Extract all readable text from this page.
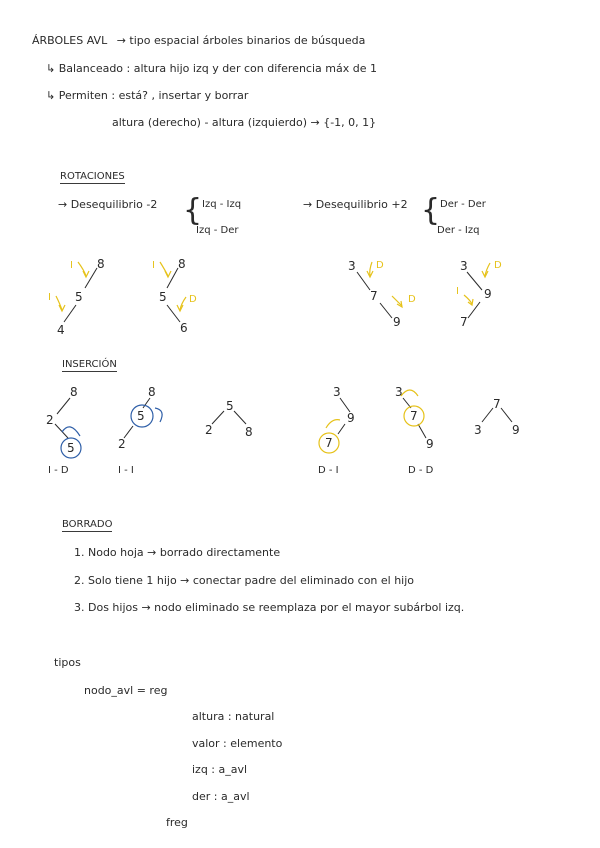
ÁRBOLES AVL → tipo espacial árboles binarios de búsqueda
↳ Balanceado : altura hijo izq y der con diferencia máx de 1
↳ Permiten : está? , insertar y borrar
altura (derecho) - altura (izquierdo) → {-1, 0, 1}
ROTACIONES
→ Desequilibrio -2 { Izq - Izq
Izq - Der
→ Desequilibrio +2 { Der - Der
Der - Izq
I
I
I
D
D
D
D
I
8
5
4
8
5
6
3
7
9
3
9
7
INSERCIÓN
8
2
5
I - D
8
5
2
I - I
5
2	8
3
9
7
D - I
3
7
9
D - D
7
3	9
BORRADO
1. Nodo hoja → borrado directamente
2. Solo tiene 1 hijo → conectar padre del eliminado con el hijo
3. Dos hijos → nodo eliminado se reemplaza por el mayor subárbol izq.
tipos
nodo_avl = reg
altura : natural
valor : elemento
izq : a_avl
der : a_avl
freg
